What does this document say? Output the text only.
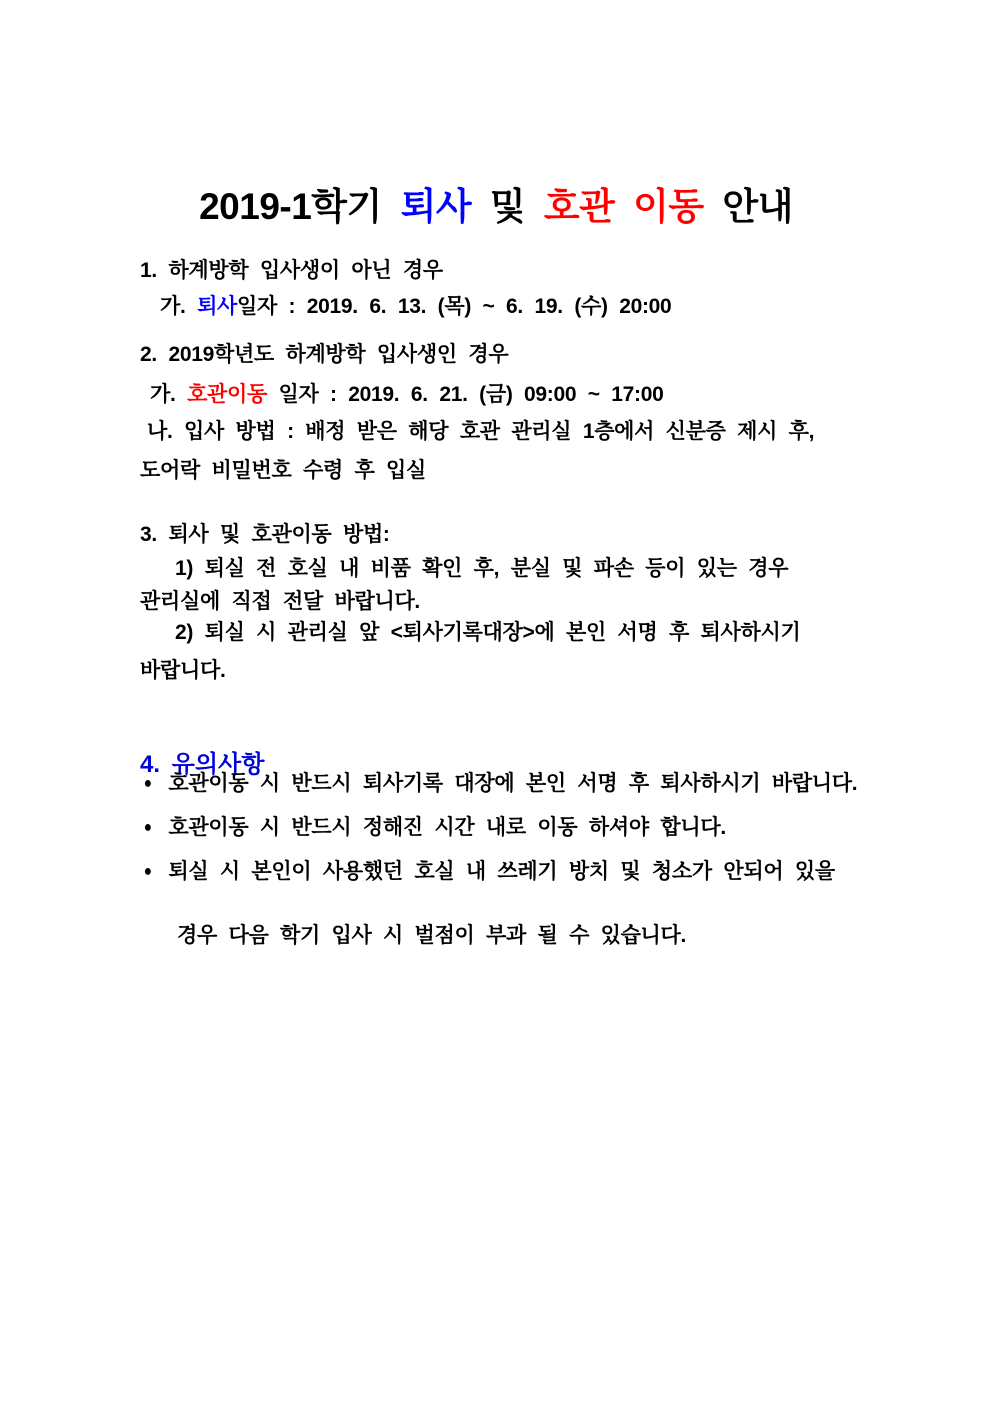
2019-1학기 퇴사 및 호관 이동 안내

1. 하계방학 입사생이 아닌 경우

가. 퇴사일자 : 2019. 6. 13. (목) ~ 6. 19. (수) 20:00

2. 2019학년도 하계방학 입사생인 경우

가. 호관이동 일자 : 2019. 6. 21. (금) 09:00 ~ 17:00

나. 입사 방법 : 배정 받은 해당 호관 관리실 1층에서 신분증 제시 후,

도어락 비밀번호 수령 후 입실

3. 퇴사 및 호관이동 방법:

1) 퇴실 전 호실 내 비품 확인 후, 분실 및 파손 등이 있는 경우

관리실에 직접 전달 바랍니다.

2) 퇴실 시 관리실 앞 <퇴사기록대장>에 본인 서명 후 퇴사하시기

바랍니다.

4. 유의사항

● 호관이동 시 반드시 퇴사기록 대장에 본인 서명 후 퇴사하시기 바랍니다.
● 호관이동 시 반드시 정해진 시간 내로 이동 하셔야 합니다.
● 퇴실 시 본인이 사용했던 호실 내 쓰레기 방치 및 청소가 안되어 있을

경우 다음 학기 입사 시 벌점이 부과 될 수 있습니다.
